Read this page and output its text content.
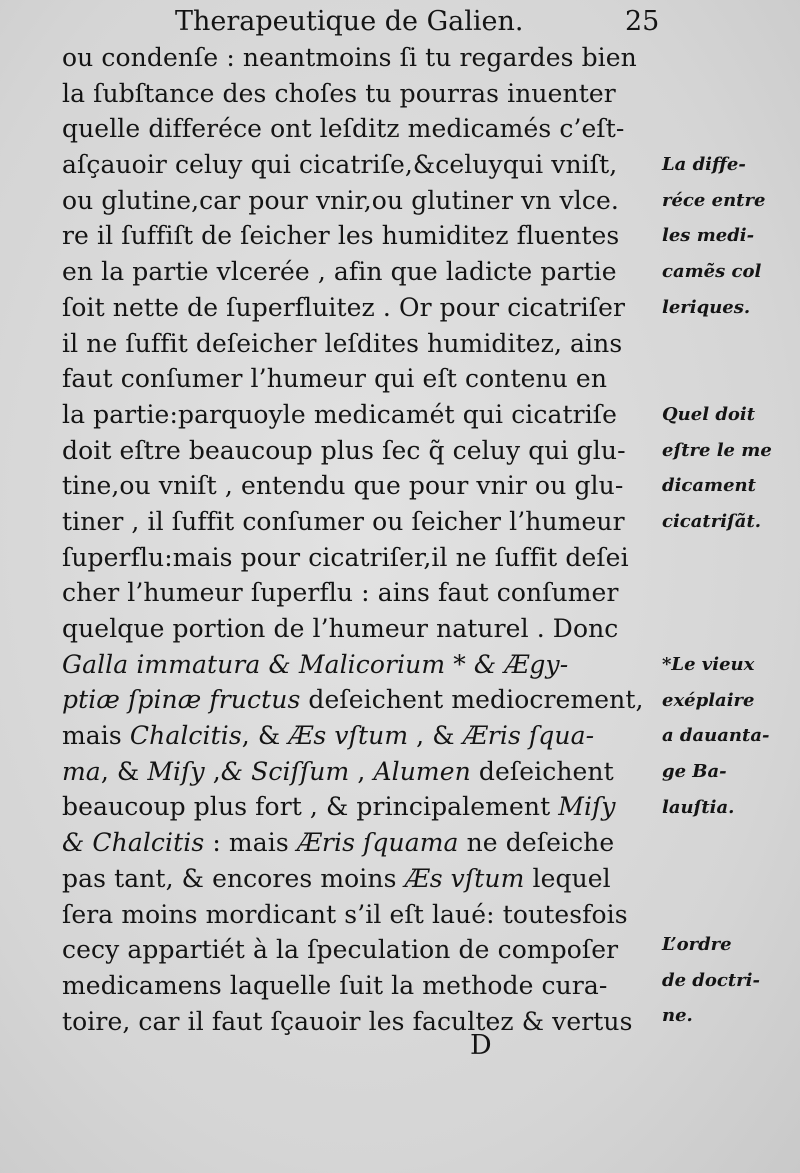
Therapeutique de Galien.	25
ou condenſe : neantmoins ſi tu regardes bien
la ſubſtance des choſes tu pourras inuenter
quelle differéce ont leſditz medicamés c’eſt-
aſçauoir celuy qui cicatriſe,&celuyqui vniſt,
ou glutine,car pour vnir,ou glutiner vn vlce.
re il ſuffiſt de ſeicher les humiditez fluentes
en la partie vlcerée , afin que ladicte partie
ſoit nette de ſuperfluitez . Or pour cicatriſer
il ne ſuffit deſeicher leſdites humiditez, ains
faut conſumer l’humeur qui eſt contenu en
la partie:parquoyle medicamét qui cicatriſe
doit eſtre beaucoup plus ſec q̃ celuy qui glu-
tine,ou vniſt , entendu que pour vnir ou glu-
tiner , il ſuffit conſumer ou ſeicher l’humeur
ſuperflu:mais pour cicatriſer,il ne ſuffit deſei
cher l’humeur ſuperflu : ains faut conſumer
quelque portion de l’humeur naturel . Donc
Galla immatura & Malicorium * & Ægy-
ptiæ ſpinæ fructus deſeichent mediocrement,
mais Chalcitis, & Æs vſtum , & Æris ſqua-
ma, & Miſy ,& Sciſſum , Alumen deſeichent
beaucoup plus fort , & principalement Miſy
& Chalcitis : mais Æris ſquama ne deſeiche
pas tant, & encores moins Æs vſtum lequel
ſera moins mordicant s’il eſt laué: toutesfois
cecy appartiét à la ſpeculation de compoſer
medicamens laquelle ſuit la methode cura-
toire, car il faut ſçauoir les facultez & vertus
La diffe-
réce entre
les medi-
camẽs col
leriques.
Quel doit
eſtre le me
dicament
cicatriſãt.
*Le vieux
exéplaire
a dauanta-
ge Ba-
lauſtia.
L’ordre
de doctri-
ne.
D
